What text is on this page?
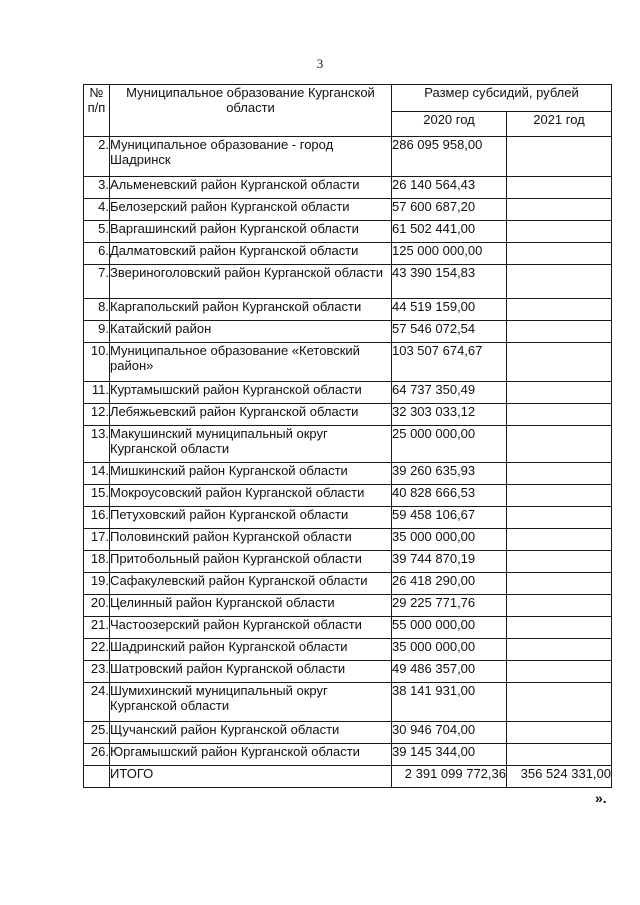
3
№ п/п	Муниципальное образование Курганской области	Размер субсидий, рублей	
		2020 год	2021 год
2.	Муниципальное образование - город Шадринск	286 095 958,00	
3.	Альменевский район Курганской области	26 140 564,43	
4.	Белозерский район Курганской области	57 600 687,20	
5.	Варгашинский район Курганской области	61 502 441,00	
6.	Далматовский район Курганской области	125 000 000,00	
7.	Звериноголовский район Курганской области	43 390 154,83	
8.	Каргапольский район Курганской области	44 519 159,00	
9.	Катайский район	57 546 072,54	
10.	Муниципальное образование «Кетовский район»	103 507 674,67	
11.	Куртамышский район Курганской области	64 737 350,49	
12.	Лебяжьевский район Курганской области	32 303 033,12	
13.	Макушинский муниципальный округ Курганской области	25 000 000,00	
14.	Мишкинский район Курганской области	39 260 635,93	
15.	Мокроусовский район Курганской области	40 828 666,53	
16.	Петуховский район Курганской области	59 458 106,67	
17.	Половинский район Курганской области	35 000 000,00	
18.	Притобольный район Курганской области	39 744 870,19	
19.	Сафакулевский район Курганской области	26 418 290,00	
20.	Целинный район Курганской области	29 225 771,76	
21.	Частоозерский район Курганской области	55 000 000,00	
22.	Шадринский район Курганской области	35 000 000,00	
23.	Шатровский район Курганской области	49 486 357,00	
24.	Шумихинский муниципальный округ Курганской области	38 141 931,00	
25.	Щучанский район Курганской области	30 946 704,00	
26.	Юргамышский район Курганской области	39 145 344,00	
	ИТОГО	2 391 099 772,36	356 524 331,00
».
